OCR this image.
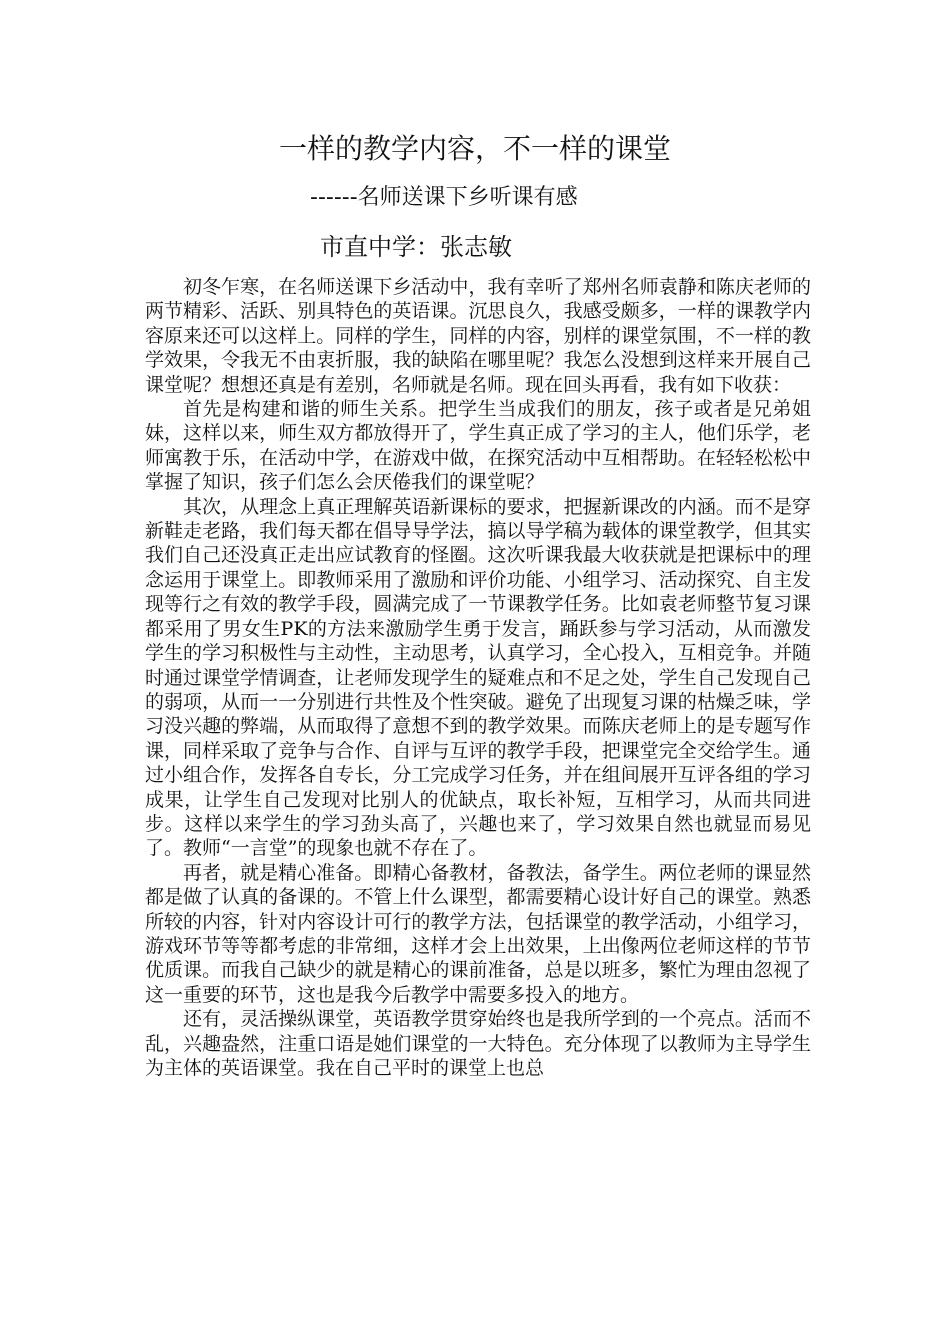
一样的教学内容，不一样的课堂
------名师送课下乡听课有感
市直中学：张志敏

初冬乍寒，在名师送课下乡活动中，我有幸听了郑州名师袁静和陈庆老师的两节精彩、活跃、别具特色的英语课。沉思良久，我感受颇多，一样的课教学内容原来还可以这样上。同样的学生，同样的内容，别样的课堂氛围，不一样的教学效果，令我无不由衷折服，我的缺陷在哪里呢？我怎么没想到这样来开展自己课堂呢？想想还真是有差别，名师就是名师。现在回头再看，我有如下收获：

首先是构建和谐的师生关系。把学生当成我们的朋友，孩子或者是兄弟姐妹，这样以来，师生双方都放得开了，学生真正成了学习的主人，他们乐学，老师寓教于乐，在活动中学，在游戏中做，在探究活动中互相帮助。在轻轻松松中掌握了知识，孩子们怎么会厌倦我们的课堂呢？

其次，从理念上真正理解英语新课标的要求，把握新课改的内涵。而不是穿新鞋走老路，我们每天都在倡导导学法，搞以导学稿为载体的课堂教学，但其实我们自己还没真正走出应试教育的怪圈。这次听课我最大收获就是把课标中的理念运用于课堂上。即教师采用了激励和评价功能、小组学习、活动探究、自主发现等行之有效的教学手段，圆满完成了一节课教学任务。比如袁老师整节复习课都采用了男女生PK的方法来激励学生勇于发言，踊跃参与学习活动，从而激发学生的学习积极性与主动性，主动思考，认真学习，全心投入，互相竞争。并随时通过课堂学情调查，让老师发现学生的疑难点和不足之处，学生自己发现自己的弱项，从而一一分别进行共性及个性突破。避免了出现复习课的枯燥乏味，学习没兴趣的弊端，从而取得了意想不到的教学效果。而陈庆老师上的是专题写作课，同样采取了竞争与合作、自评与互评的教学手段，把课堂完全交给学生。通过小组合作，发挥各自专长，分工完成学习任务，并在组间展开互评各组的学习成果，让学生自己发现对比别人的优缺点，取长补短，互相学习，从而共同进步。这样以来学生的学习劲头高了，兴趣也来了，学习效果自然也就显而易见了。教师“一言堂”的现象也就不存在了。

再者，就是精心准备。即精心备教材，备教法，备学生。两位老师的课显然都是做了认真的备课的。不管上什么课型，都需要精心设计好自己的课堂。熟悉所较的内容，针对内容设计可行的教学方法，包括课堂的教学活动，小组学习，游戏环节等等都考虑的非常细，这样才会上出效果，上出像两位老师这样的节节优质课。而我自己缺少的就是精心的课前准备，总是以班多，繁忙为理由忽视了这一重要的环节，这也是我今后教学中需要多投入的地方。

还有，灵活操纵课堂，英语教学贯穿始终也是我所学到的一个亮点。活而不乱，兴趣盎然，注重口语是她们课堂的一大特色。充分体现了以教师为主导学生为主体的英语课堂。我在自己平时的课堂上也总
